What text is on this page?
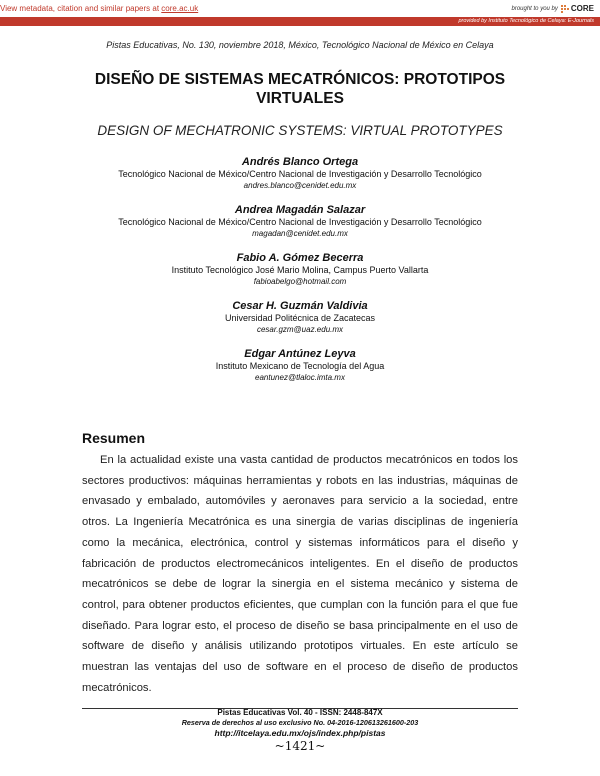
View metadata, citation and similar papers at core.ac.uk	brought to you by CORE
provided by Instituto Tecnológico de Celaya: E-Journals
Pistas Educativas, No. 130, noviembre 2018, México, Tecnológico Nacional de México en Celaya
DISEÑO DE SISTEMAS MECATRÓNICOS: PROTOTIPOS
VIRTUALES
DESIGN OF MECHATRONIC SYSTEMS: VIRTUAL PROTOTYPES
Andrés Blanco Ortega
Tecnológico Nacional de México/Centro Nacional de Investigación y Desarrollo Tecnológico
andres.blanco@cenidet.edu.mx
Andrea Magadán Salazar
Tecnológico Nacional de México/Centro Nacional de Investigación y Desarrollo Tecnológico
magadan@cenidet.edu.mx
Fabio A. Gómez Becerra
Instituto Tecnológico José Mario Molina, Campus Puerto Vallarta
fabioabelgo@hotmail.com
Cesar H. Guzmán Valdivia
Universidad Politécnica de Zacatecas
cesar.gzm@uaz.edu.mx
Edgar Antúnez Leyva
Instituto Mexicano de Tecnología del Agua
eantunez@tlaloc.imta.mx
Resumen

En la actualidad existe una vasta cantidad de productos mecatrónicos en todos los sectores productivos: máquinas herramientas y robots en las industrias, máquinas de envasado y embalado, automóviles y aeronaves para servicio a la sociedad, entre otros. La Ingeniería Mecatrónica es una sinergia de varias disciplinas de ingeniería como la mecánica, electrónica, control y sistemas informáticos para el diseño y fabricación de productos electromecánicos inteligentes. En el diseño de productos mecatrónicos se debe de lograr la sinergia en el sistema mecánico y sistema de control, para obtener productos eficientes, que cumplan con la función para el que fue diseñado. Para lograr esto, el proceso de diseño se basa principalmente en el uso de software de diseño y análisis utilizando prototipos virtuales. En este artículo se muestran las ventajas del uso de software en el proceso de diseño de productos mecatrónicos.

Pistas Educativas Vol. 40 - ISSN: 2448-847X
Reserva de derechos al uso exclusivo No. 04-2016-120613261600-203
http://itcelaya.edu.mx/ojs/index.php/pistas
~1421~
